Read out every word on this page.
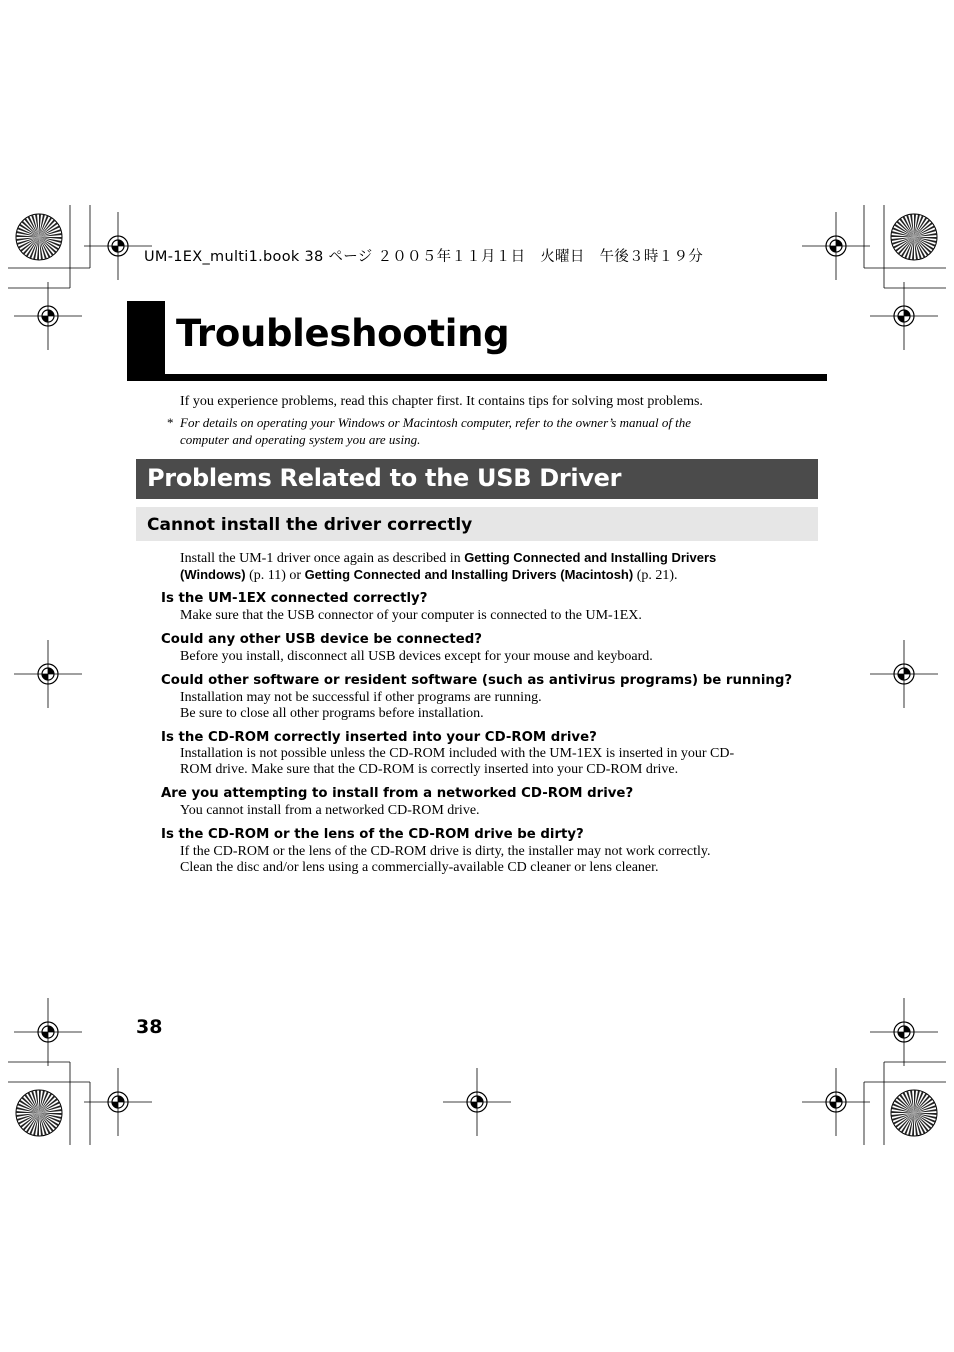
UM-1EX_multi1.book 38 ページ ２００５年１１月１日　火曜日　午後３時１９分
Troubleshooting
If you experience problems, read this chapter first. It contains tips for solving most problems.
* For details on operating your Windows or Macintosh computer, refer to the owner’s manual of the
computer and operating system you are using.
Problems Related to the USB Driver
Cannot install the driver correctly
Install the UM-1 driver once again as described in Getting Connected and Installing Drivers
(Windows) (p. 11) or Getting Connected and Installing Drivers (Macintosh) (p. 21).
Is the UM-1EX connected correctly?
Make sure that the USB connector of your computer is connected to the UM-1EX.
Could any other USB device be connected?
Before you install, disconnect all USB devices except for your mouse and keyboard.
Could other software or resident software (such as antivirus programs) be running?
Installation may not be successful if other programs are running.
Be sure to close all other programs before installation.
Is the CD-ROM correctly inserted into your CD-ROM drive?
Installation is not possible unless the CD-ROM included with the UM-1EX is inserted in your CD-
ROM drive. Make sure that the CD-ROM is correctly inserted into your CD-ROM drive.
Are you attempting to install from a networked CD-ROM drive?
You cannot install from a networked CD-ROM drive.
Is the CD-ROM or the lens of the CD-ROM drive be dirty?
If the CD-ROM or the lens of the CD-ROM drive is dirty, the installer may not work correctly.
Clean the disc and/or lens using a commercially-available CD cleaner or lens cleaner.
38
